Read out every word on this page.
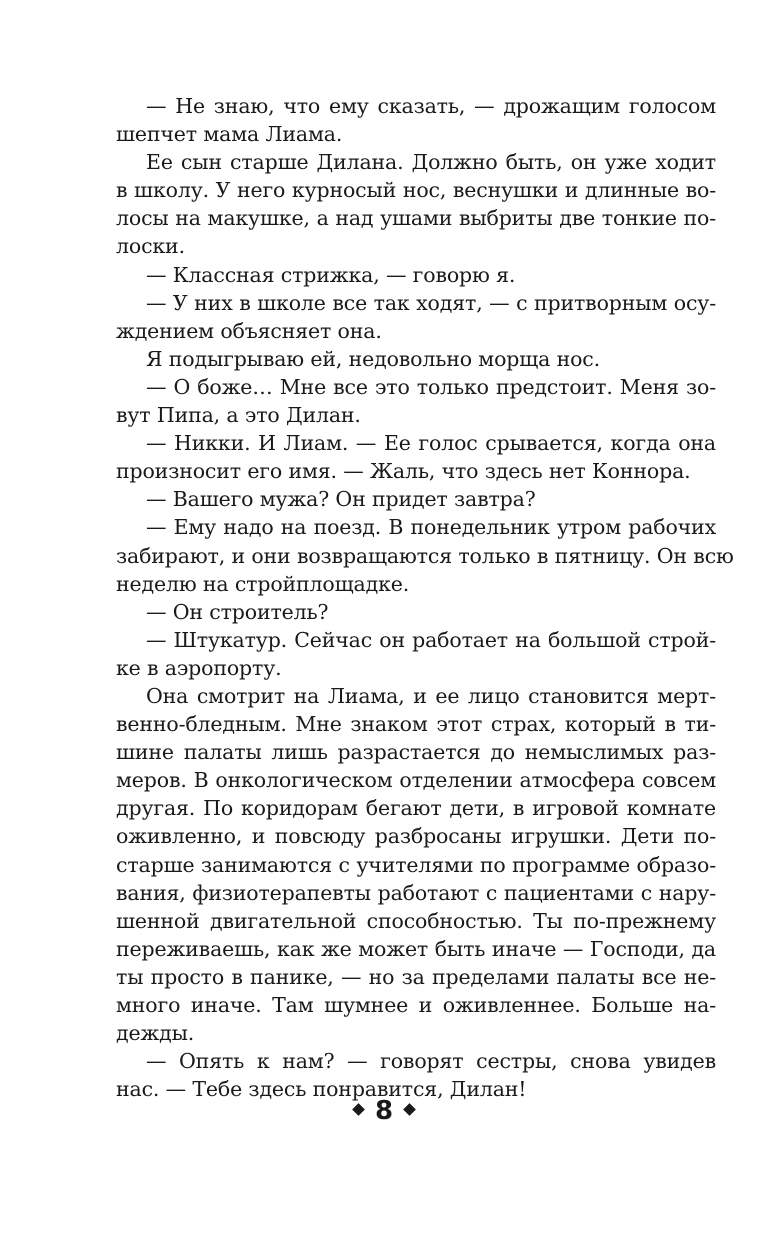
— Не знаю, что ему сказать, — дрожащим голосом
шепчет мама Лиама.
Ее сын старше Дилана. Должно быть, он уже ходит
в школу. У него курносый нос, веснушки и длинные во-
лосы на макушке, а над ушами выбриты две тонкие по-
лоски.
— Классная стрижка, — говорю я.
— У них в школе все так ходят, — с притворным осу-
ждением объясняет она.
Я подыгрываю ей, недовольно морща нос.
— О боже… Мне все это только предстоит. Меня зо-
вут Пипа, а это Дилан.
— Никки. И Лиам. — Ее голос срывается, когда она
произносит его имя. — Жаль, что здесь нет Коннора.
— Вашего мужа? Он придет завтра?
— Ему надо на поезд. В понедельник утром рабочих
забирают, и они возвращаются только в пятницу. Он всю
неделю на стройплощадке.
— Он строитель?
— Штукатур. Сейчас он работает на большой строй-
ке в аэропорту.
Она смотрит на Лиама, и ее лицо становится мерт-
венно-бледным. Мне знаком этот страх, который в ти-
шине палаты лишь разрастается до немыслимых раз-
меров. В онкологическом отделении атмосфера совсем
другая. По коридорам бегают дети, в игровой комнате
оживленно, и повсюду разбросаны игрушки. Дети по-
старше занимаются с учителями по программе образо-
вания, физиотерапевты работают с пациентами с нару-
шенной двигательной способностью. Ты по-прежнему
переживаешь, как же может быть иначе — Господи, да
ты просто в панике, — но за пределами палаты все не-
много иначе. Там шумнее и оживленнее. Больше на-
дежды.
— Опять к нам? — говорят сестры, снова увидев
нас. — Тебе здесь понравится, Дилан!
8
